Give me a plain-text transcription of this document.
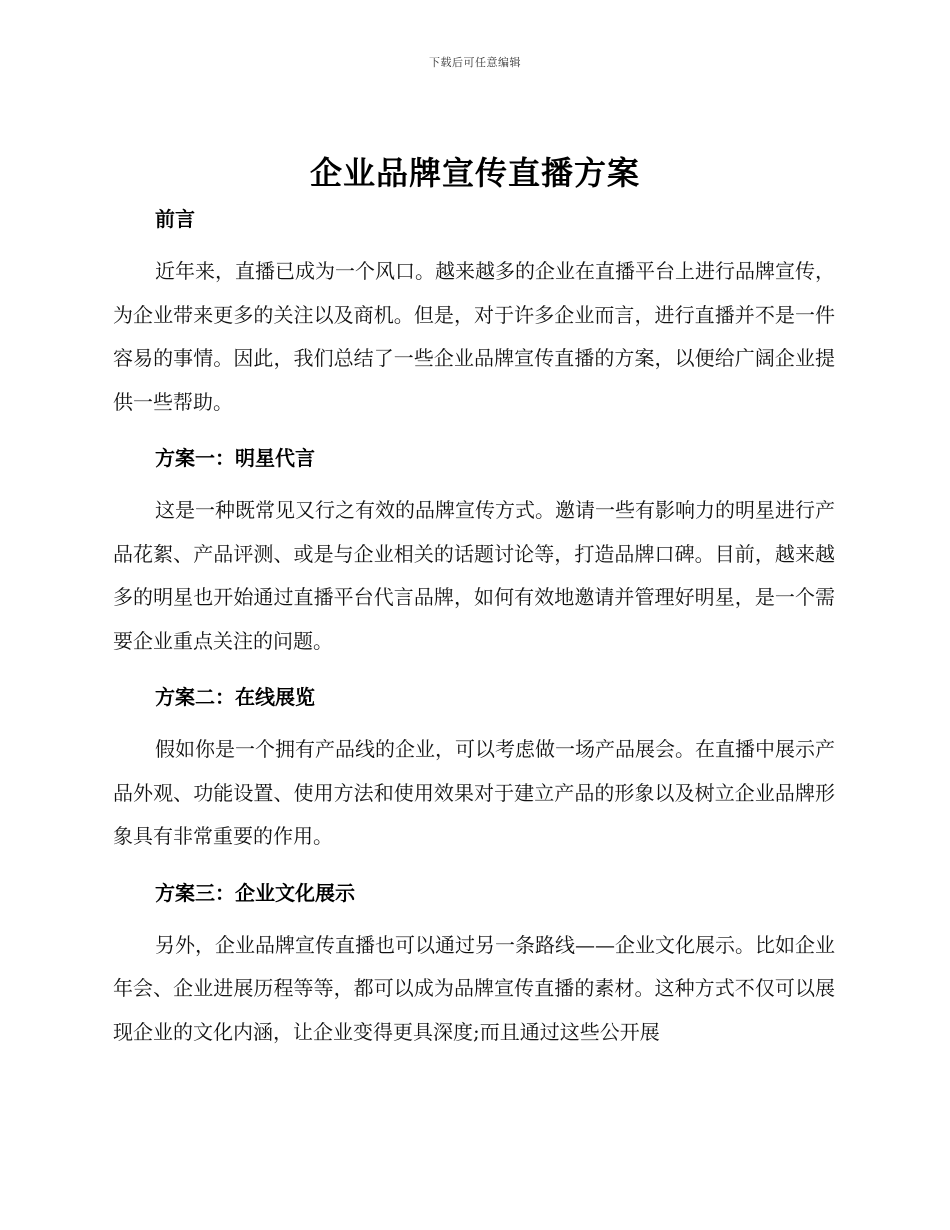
下载后可任意编辑
企业品牌宣传直播方案
前言

近年来，直播已成为一个风口。越来越多的企业在直播平台上进行品牌宣传，为企业带来更多的关注以及商机。但是，对于许多企业而言，进行直播并不是一件容易的事情。因此，我们总结了一些企业品牌宣传直播的方案，以便给广阔企业提供一些帮助。

方案一：明星代言

这是一种既常见又行之有效的品牌宣传方式。邀请一些有影响力的明星进行产品花絮、产品评测、或是与企业相关的话题讨论等，打造品牌口碑。目前，越来越多的明星也开始通过直播平台代言品牌，如何有效地邀请并管理好明星，是一个需要企业重点关注的问题。

方案二：在线展览

假如你是一个拥有产品线的企业，可以考虑做一场产品展会。在直播中展示产品外观、功能设置、使用方法和使用效果对于建立产品的形象以及树立企业品牌形象具有非常重要的作用。

方案三：企业文化展示

另外，企业品牌宣传直播也可以通过另一条路线——企业文化展示。比如企业年会、企业进展历程等等，都可以成为品牌宣传直播的素材。这种方式不仅可以展现企业的文化内涵，让企业变得更具深度;而且通过这些公开展
